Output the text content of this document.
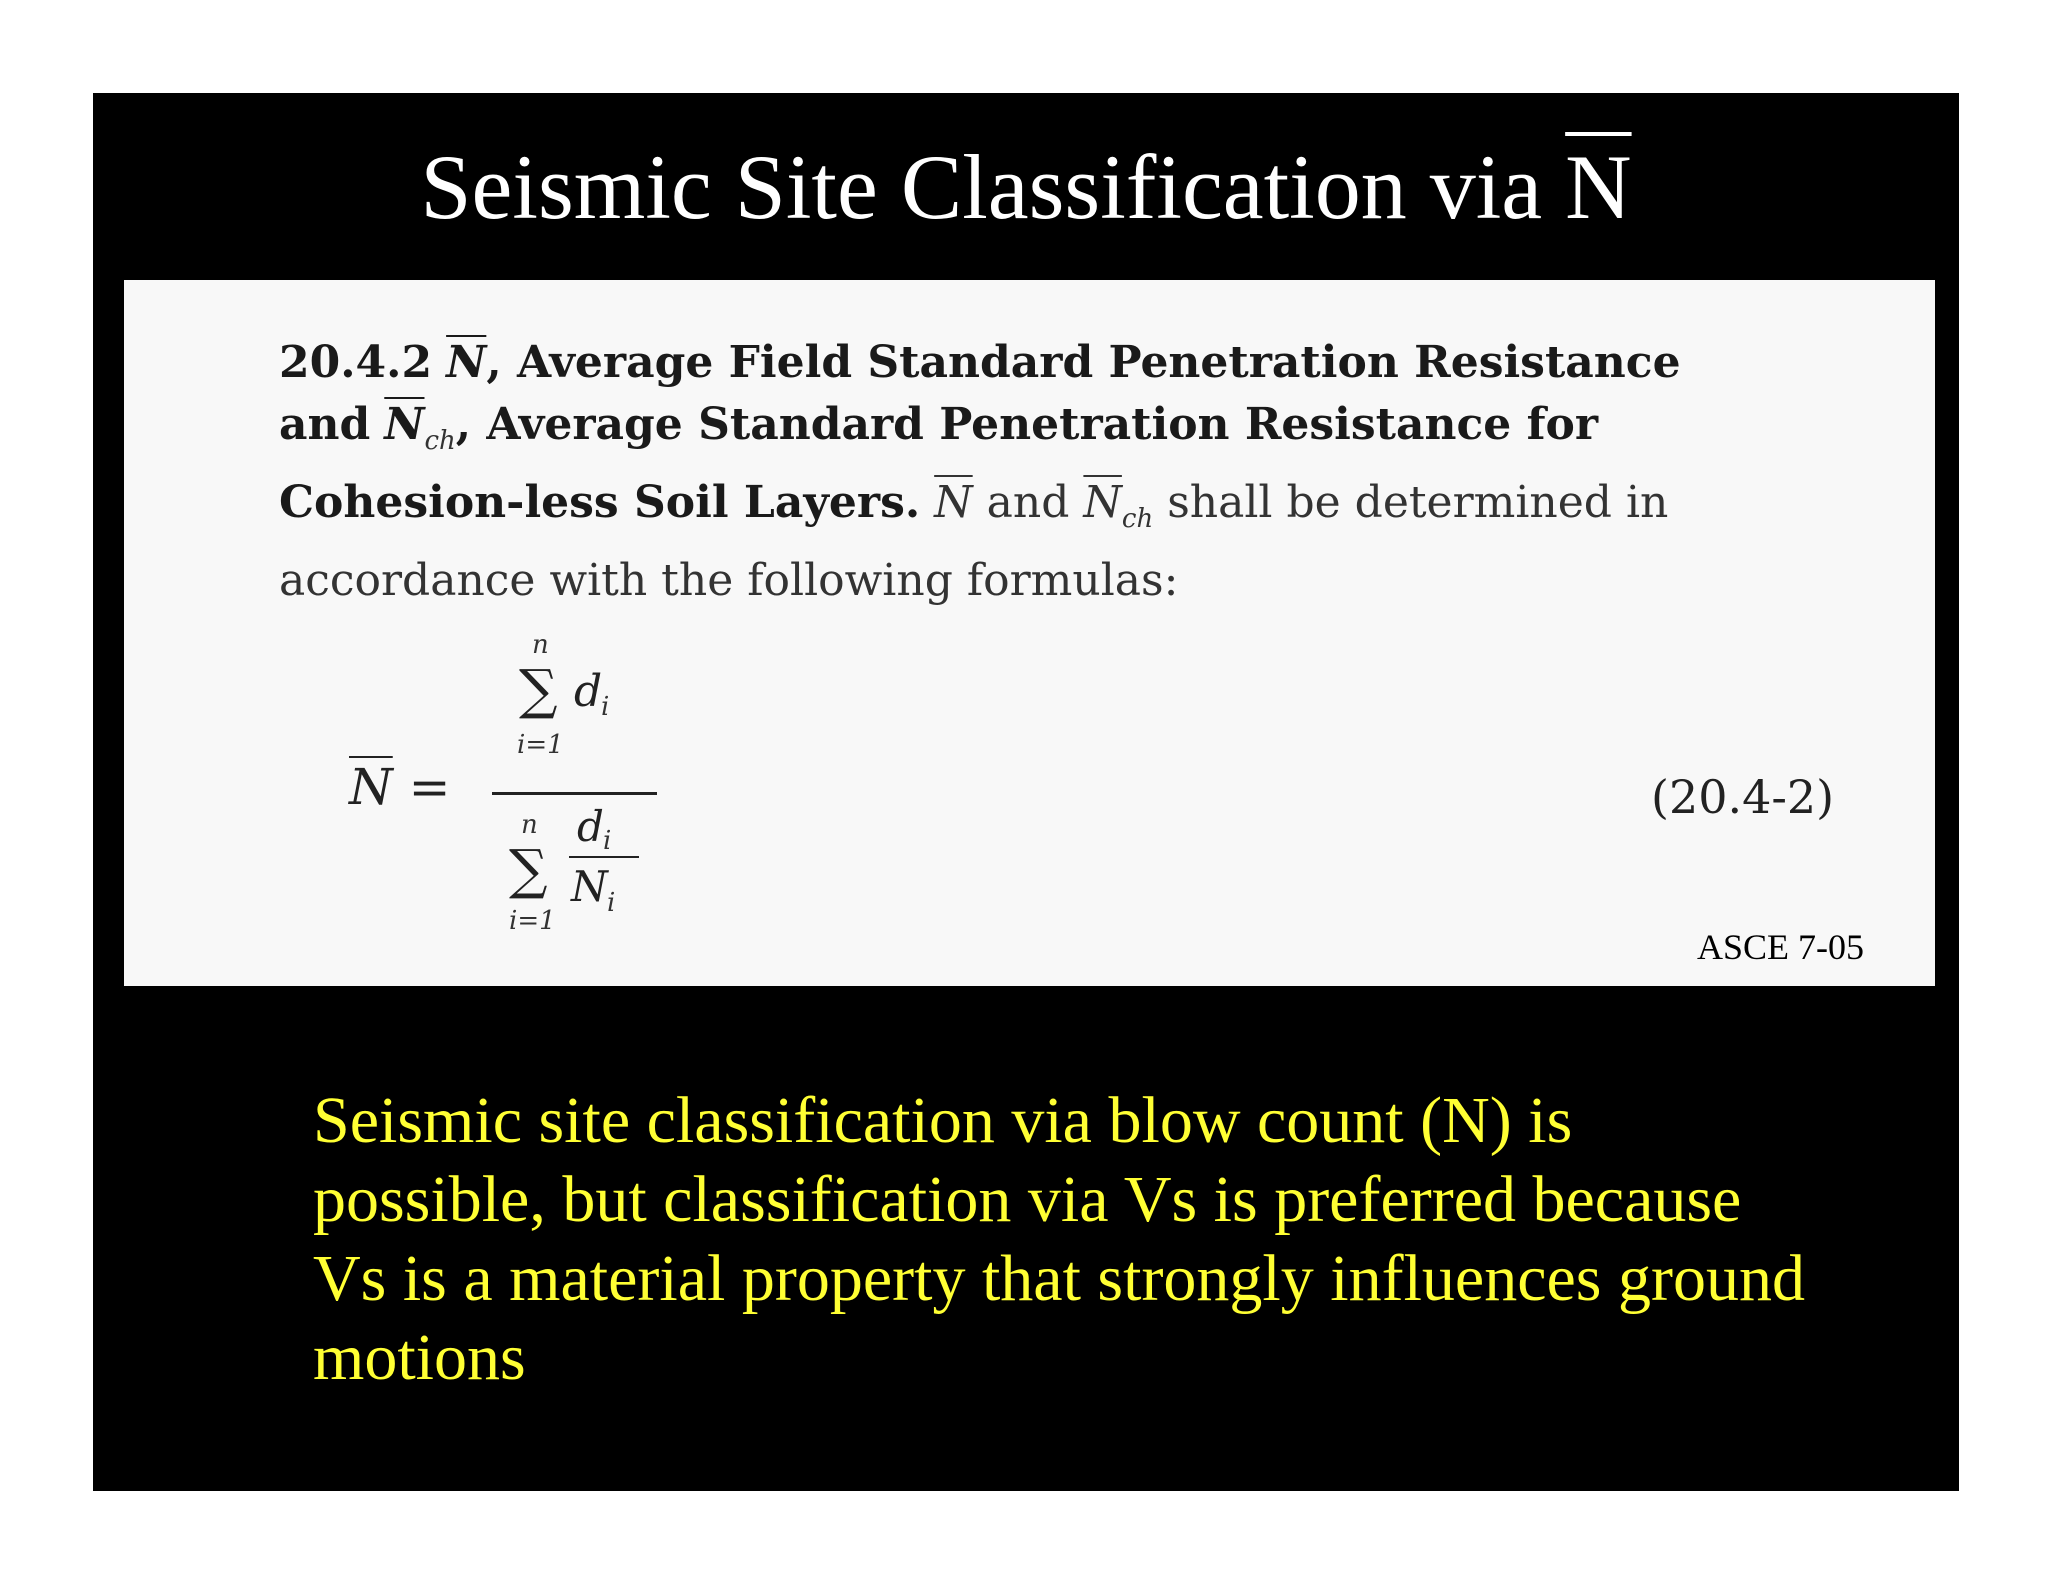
Seismic Site Classification via $\overline{N}$
20.4.2 $\overline{N}$, Average Field Standard Penetration Resistance and $\overline{N}_{ch}$, Average Standard Penetration Resistance for Cohesion-less Soil Layers. $\overline{N}$ and $\overline{N}_{ch}$ shall be determined in accordance with the following formulas:
$\overline{N}$ =
n
∑ d
i
i=1
n
∑
d i
N i
i=1
(20.4-2)
ASCE 7-05
Seismic site classification via blow count (N) is possible, but classification via Vs is preferred because Vs is a material property that strongly influences ground motions
